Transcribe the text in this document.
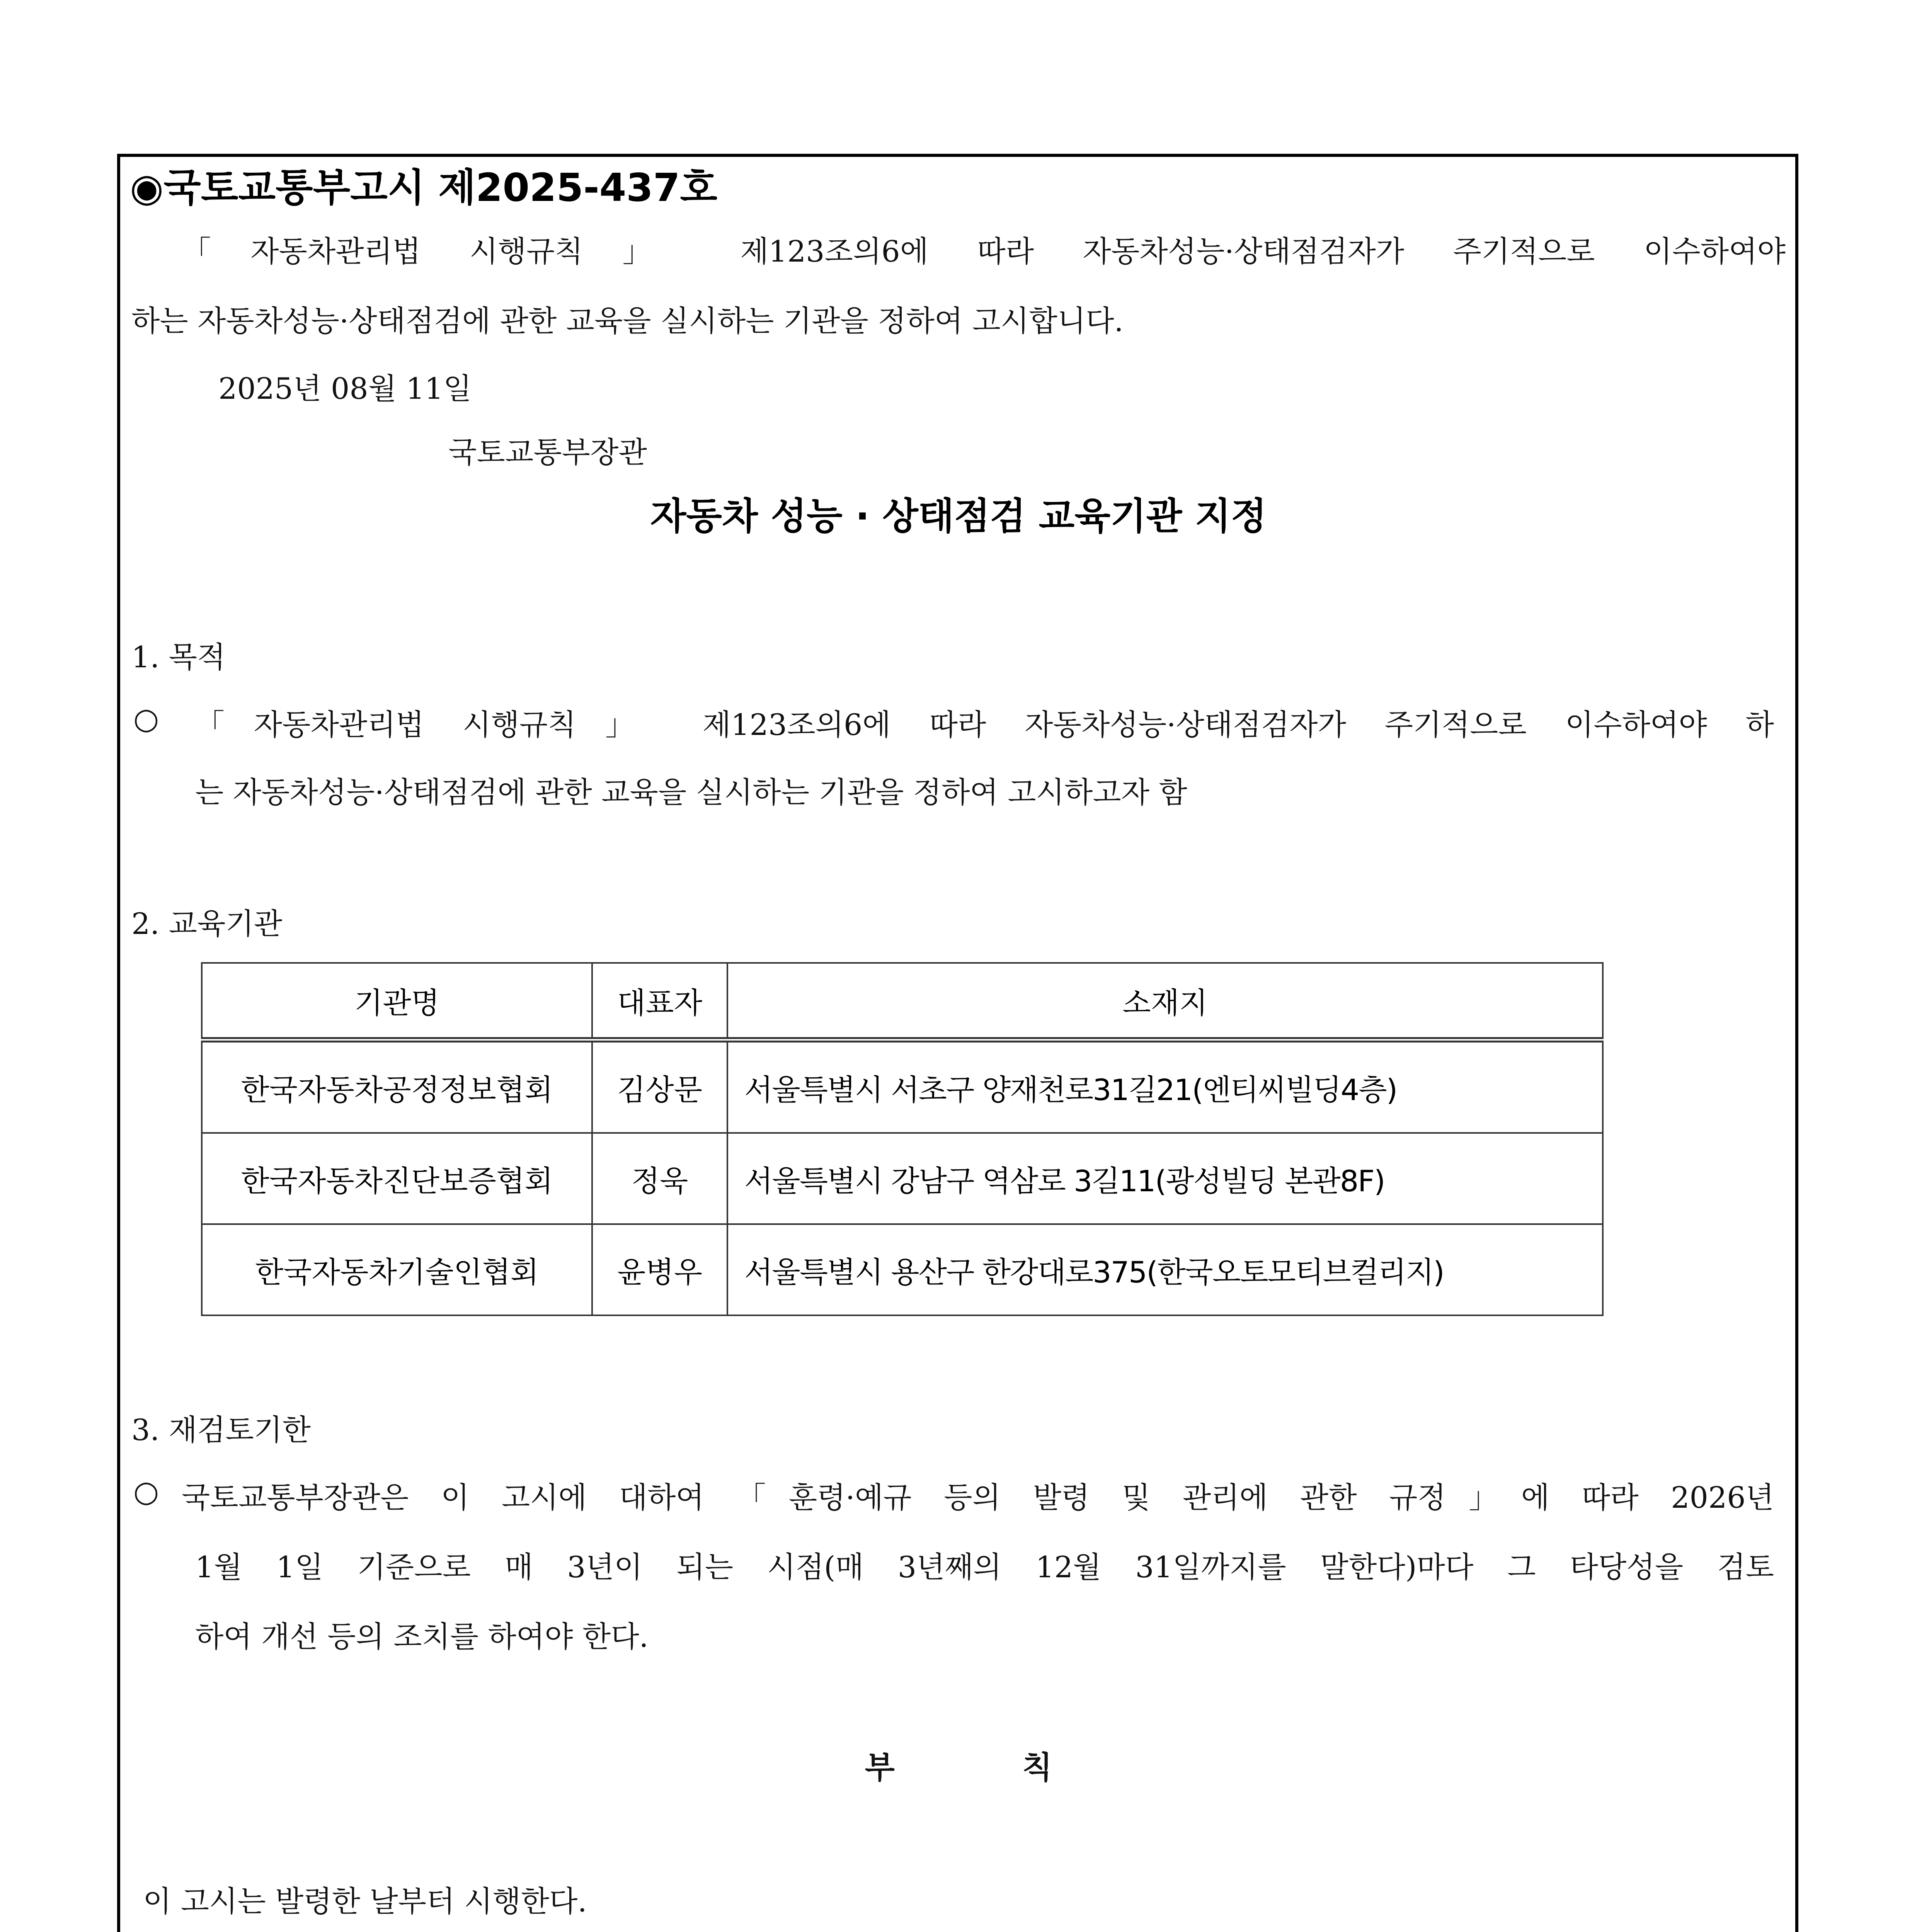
◉국토교통부고시 제2025-437호
「자동차관리법 시행규칙」 제123조의6에 따라 자동차성능·상태점검자가 주기적으로 이수하여야
하는 자동차성능·상태점검에 관한 교육을 실시하는 기관을 정하여 고시합니다.
2025년 08월 11일
국토교통부장관
자동차 성능 · 상태점검 교육기관 지정
1. 목적
○ 「자동차관리법 시행규칙」 제123조의6에 따라 자동차성능·상태점검자가 주기적으로 이수하여야 하
는 자동차성능·상태점검에 관한 교육을 실시하는 기관을 정하여 고시하고자 함
2. 교육기관
기관명	대표자	소재지
한국자동차공정정보협회	김상문	서울특별시 서초구 양재천로31길21(엔티씨빌딩4층)
한국자동차진단보증협회	정욱	서울특별시 강남구 역삼로 3길11(광성빌딩 본관8F)
한국자동차기술인협회	윤병우	서울특별시 용산구 한강대로375(한국오토모티브컬리지)
3. 재검토기한
○ 국토교통부장관은 이 고시에 대하여 「훈령·예규 등의 발령 및 관리에 관한 규정」에 따라 2026년
1월 1일 기준으로 매 3년이 되는 시점(매 3년째의 12월 31일까지를 말한다)마다 그 타당성을 검토
하여 개선 등의 조치를 하여야 한다.
부칙
이 고시는 발령한 날부터 시행한다.
